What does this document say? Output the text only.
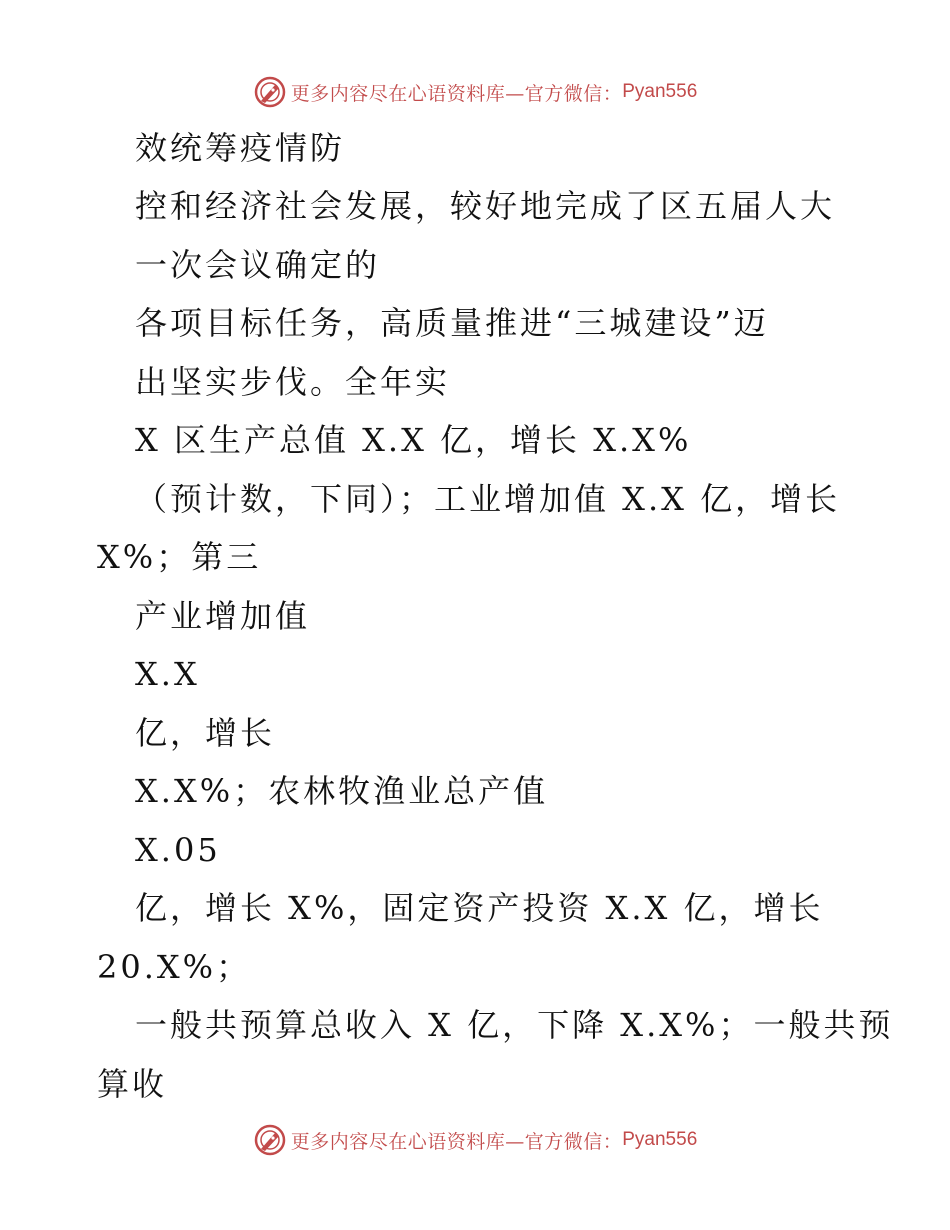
更多内容尽在心语资料库—官方微信： Pyan556
效统筹疫情防
控和经济社会发展，较好地完成了区五届人大
一次会议确定的
各项目标任务，高质量推进“三城建设”迈
出坚实步伐。全年实
X 区生产总值 X.X 亿，增长 X.X%
（预计数，下同）；工业增加值 X.X 亿，增长
X%；第三
产业增加值
X.X
亿，增长
X.X%；农林牧渔业总产值
X.05
亿，增长 X%，固定资产投资 X.X 亿，增长
20.X%；
一般共预算总收入 X 亿，下降 X.X%；一般共预
算收
更多内容尽在心语资料库—官方微信： Pyan556
